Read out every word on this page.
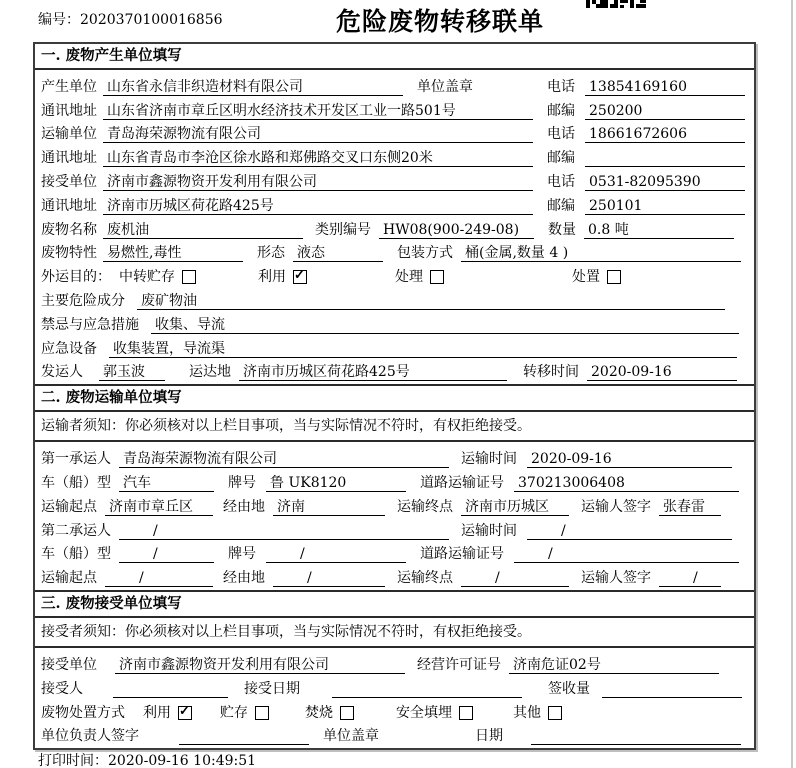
编号：2020370100016856	危险废物转移联单
一. 废物产生单位填写
产生单位 山东省永信非织造材料有限公司	单位盖章	电话 13854169160
通讯地址 山东省济南市章丘区明水经济技术开发区工业一路501号	邮编 250200
运输单位 青岛海荣源物流有限公司	电话 18661672606
通讯地址 山东省青岛市李沧区徐水路和郑佛路交叉口东侧20米	邮编
接受单位 济南市鑫源物资开发利用有限公司	电话 0531-82095390
通讯地址 济南市历城区荷花路425号	邮编 250101
废物名称 废机油	类别编号 HW08(900-249-08)	数量 0.8 吨
废物特性 易燃性,毒性	形态 液态	包装方式 桶(金属,数量 4 )
外运目的： 中转贮存	利用 ✓	处理	处置
主要危险成分 废矿物油
禁忌与应急措施 收集、导流
应急设备 收集装置，导流渠
发运人 郭玉波	运达地 济南市历城区荷花路425号	转移时间 2020-09-16
二. 废物运输单位填写
运输者须知：你必须核对以上栏目事项，当与实际情况不符时，有权拒绝接受。
第一承运人 青岛海荣源物流有限公司	运输时间 2020-09-16
车（船）型 汽车	牌号 鲁 UK8120	道路运输证号 370213006408
运输起点 济南市章丘区	经由地 济南	运输终点 济南市历城区	运输人签字 张春雷
第二承运人	/	运输时间	/
车（船）型	/	牌号	/	道路运输证号	/
运输起点	/	经由地	/	运输终点	/	运输人签字	/
三. 废物接受单位填写
接受者须知：你必须核对以上栏目事项，当与实际情况不符时，有权拒绝接受。
接受单位 济南市鑫源物资开发利用有限公司	经营许可证号 济南危证02号
接受人	接受日期	签收量
废物处置方式 利用 ✓	贮存	焚烧	安全填埋	其他
单位负责人签字	单位盖章	日期
打印时间：2020-09-16 10:49:51
